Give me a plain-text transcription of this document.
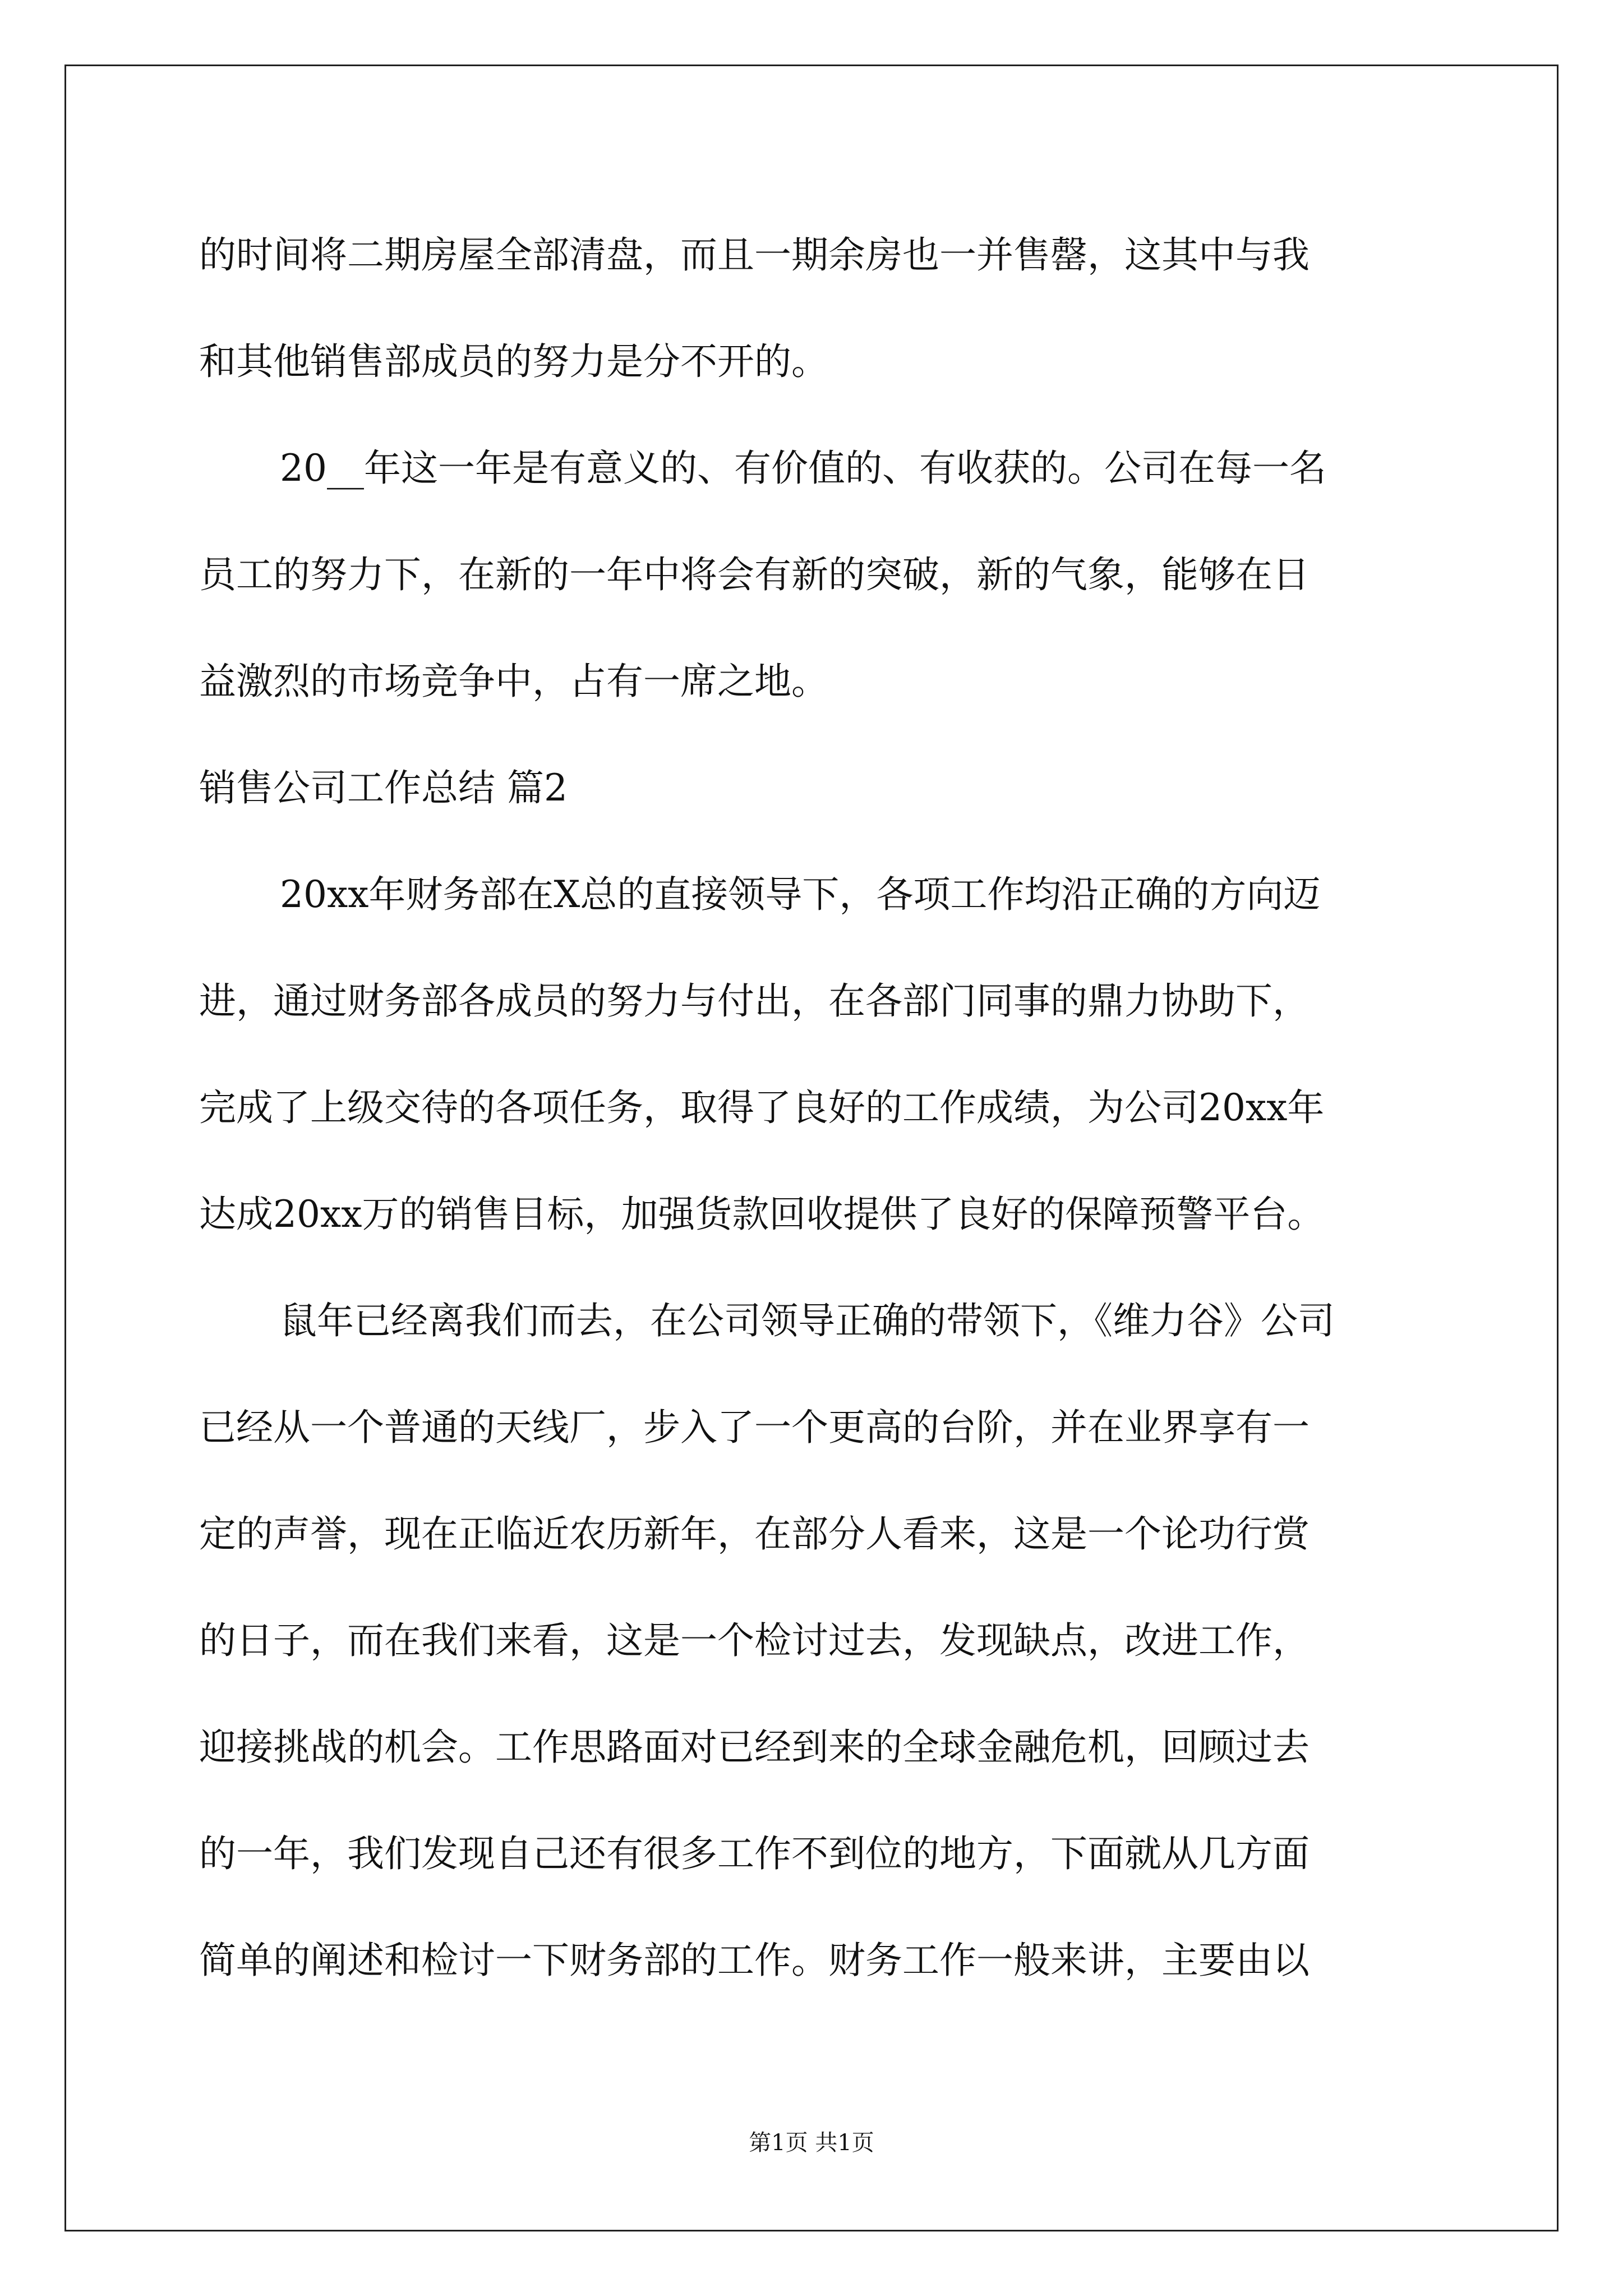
的时间将二期房屋全部清盘，而且一期余房也一并售罄，这其中与我
和其他销售部成员的努力是分不开的。
20__年这一年是有意义的、有价值的、有收获的。公司在每一名
员工的努力下，在新的一年中将会有新的突破，新的气象，能够在日
益激烈的市场竞争中，占有一席之地。
销售公司工作总结 篇2
20xx年财务部在X总的直接领导下，各项工作均沿正确的方向迈
进，通过财务部各成员的努力与付出，在各部门同事的鼎力协助下，
完成了上级交待的各项任务，取得了良好的工作成绩，为公司20xx年
达成20xx万的销售目标，加强货款回收提供了良好的保障预警平台。
鼠年已经离我们而去，在公司领导正确的带领下，《维力谷》公司
已经从一个普通的天线厂，步入了一个更高的台阶，并在业界享有一
定的声誉，现在正临近农历新年，在部分人看来，这是一个论功行赏
的日子，而在我们来看，这是一个检讨过去，发现缺点，改进工作，
迎接挑战的机会。工作思路面对已经到来的全球金融危机，回顾过去
的一年，我们发现自己还有很多工作不到位的地方，下面就从几方面
简单的阐述和检讨一下财务部的工作。财务工作一般来讲，主要由以
第1页 共1页
